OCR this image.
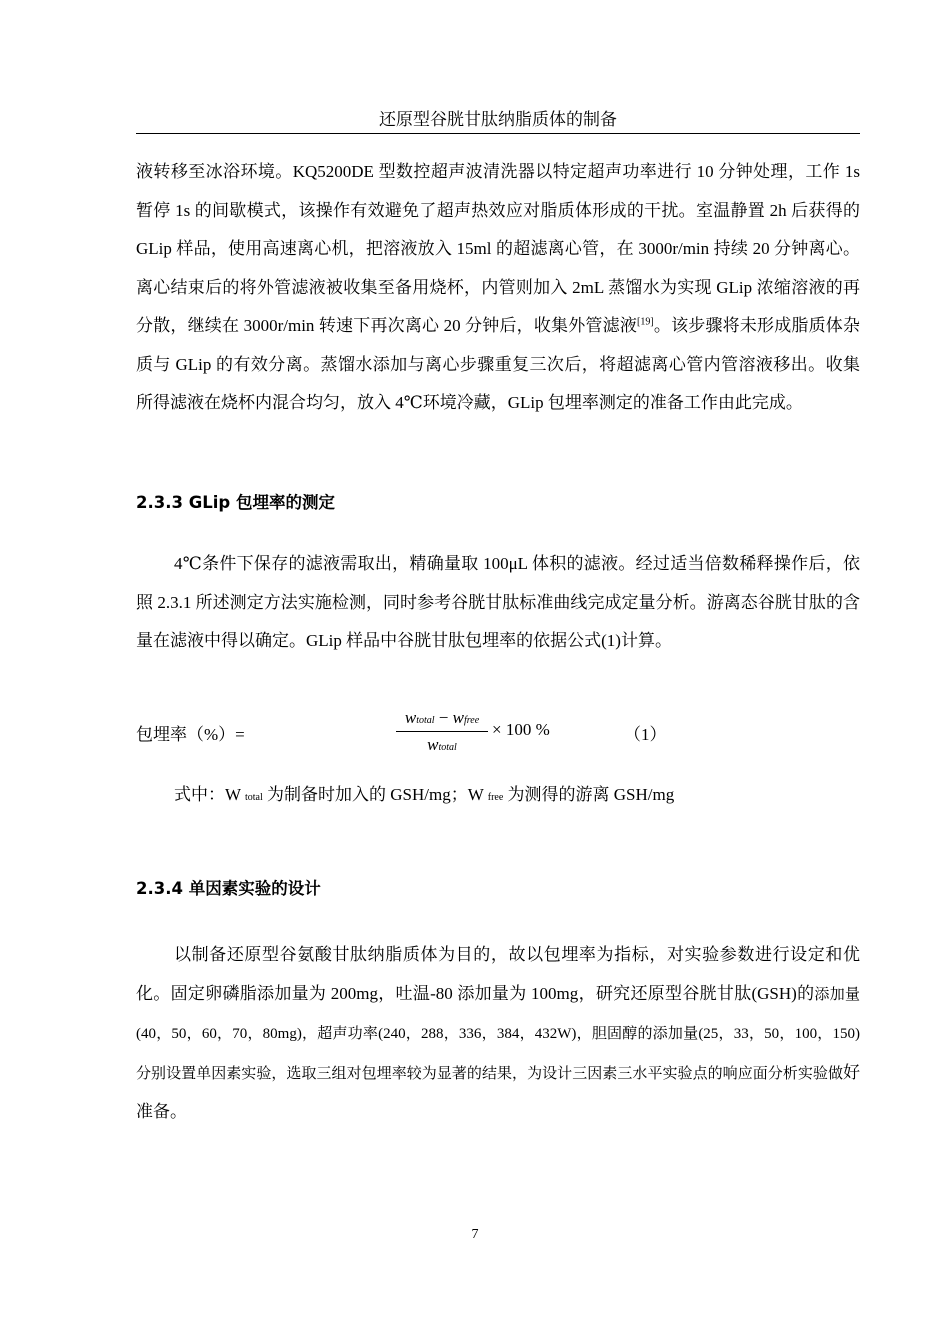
还原型谷胱甘肽纳脂质体的制备

液转移至冰浴环境。KQ5200DE 型数控超声波清洗器以特定超声功率进行 10 分钟处理，工作 1s 暂停 1s 的间歇模式，该操作有效避免了超声热效应对脂质体形成的干扰。室温静置 2h 后获得的 GLip 样品，使用高速离心机，把溶液放入 15ml 的超滤离心管，在 3000r/min 持续 20 分钟离心。离心结束后的将外管滤液被收集至备用烧杯，内管则加入 2mL 蒸馏水为实现 GLip 浓缩溶液的再分散，继续在 3000r/min 转速下再次离心 20 分钟后，收集外管滤液[19]。该步骤将未形成脂质体杂质与 GLip 的有效分离。蒸馏水添加与离心步骤重复三次后，将超滤离心管内管溶液移出。收集所得滤液在烧杯内混合均匀，放入 4℃环境冷藏，GLip 包埋率测定的准备工作由此完成。

2.3.3 GLip 包埋率的测定

4℃条件下保存的滤液需取出，精确量取 100μL 体积的滤液。经过适当倍数稀释操作后，依照 2.3.1 所述测定方法实施检测，同时参考谷胱甘肽标准曲线完成定量分析。游离态谷胱甘肽的含量在滤液中得以确定。GLip 样品中谷胱甘肽包埋率的依据公式(1)计算。

包埋率（%）=
wtotal − wfree
wtotal
× 100 %	（1）

式中：W total 为制备时加入的 GSH/mg；W free 为测得的游离 GSH/mg

2.3.4 单因素实验的设计

以制备还原型谷氨酸甘肽纳脂质体为目的，故以包埋率为指标，对实验参数进行设定和优化。固定卵磷脂添加量为 200mg，吐温-80 添加量为 100mg，研究还原型谷胱甘肽(GSH)的添加量(40，50，60，70，80mg)，超声功率(240，288，336，384，432W)，胆固醇的添加量(25，33，50，100，150)分别设置单因素实验，选取三组对包埋率较为显著的结果，为设计三因素三水平实验点的响应面分析实验做好准备。

7
